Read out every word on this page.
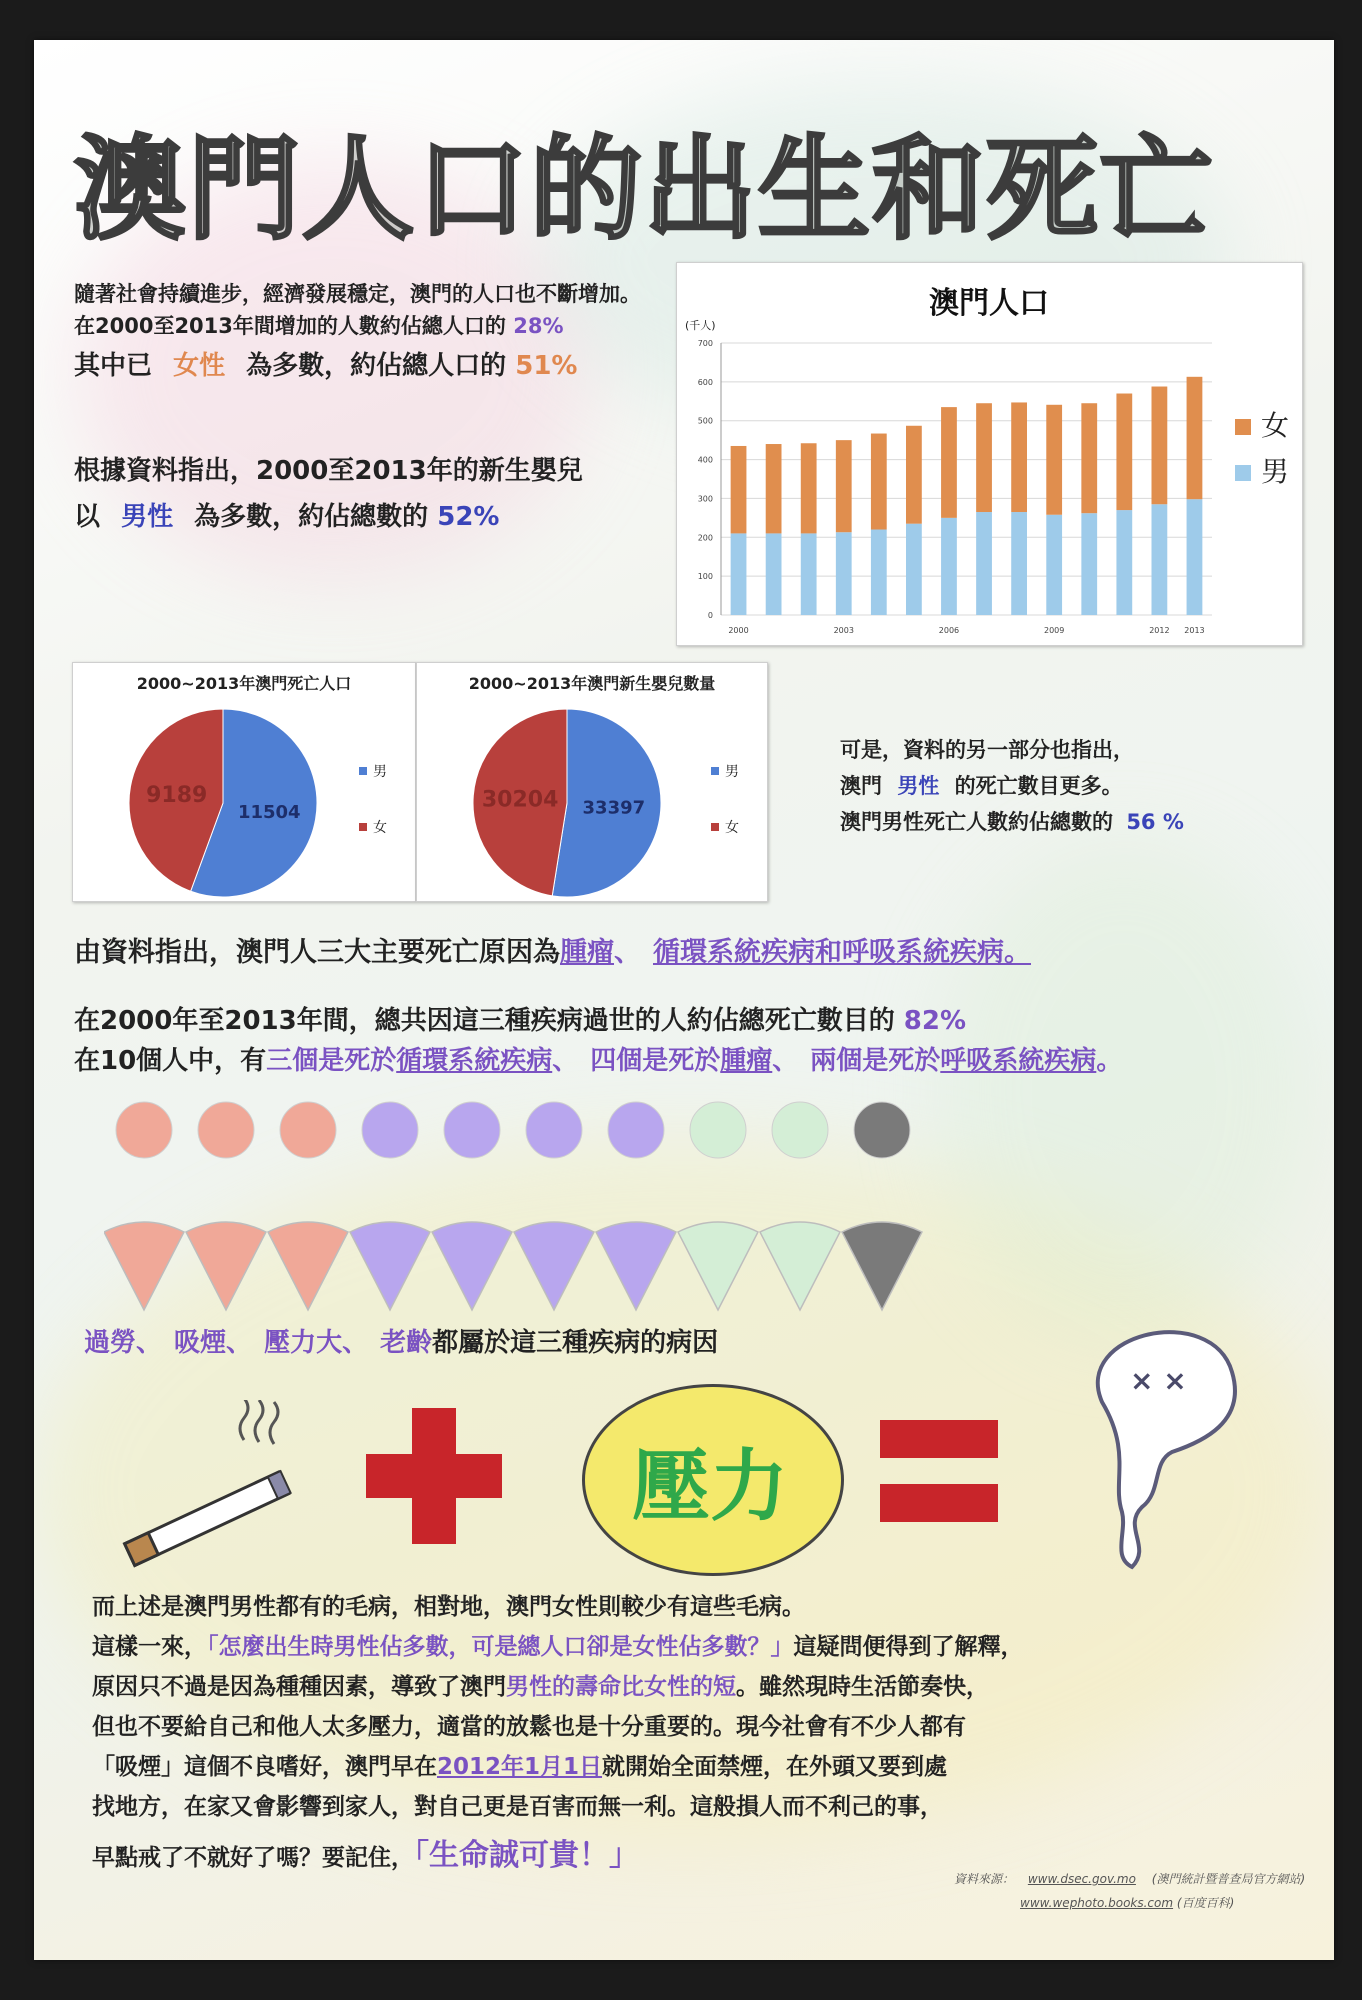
澳門人口的出生和死亡
隨著社會持續進步，經濟發展穩定，澳門的人口也不斷增加。
在2000至2013年間增加的人數約佔總人口的 28%
其中已 女性 為多數，約佔總人口的 51%
根據資料指出，2000至2013年的新生嬰兒
以 男性 為多數，約佔總數的 52%
澳門人口
(千人)
0
100
200
300
400
500
600
700
2000	2003	2006	2009	2012 2013
女
男
2000~2013年澳門死亡人口
11504
9189
男
女
2000~2013年澳門新生嬰兒數量
33397
30204
男
女
可是，資料的另一部分也指出，
澳門 男性 的死亡數目更多。
澳門男性死亡人數約佔總數的 56 %
由資料指出，澳門人三大主要死亡原因為腫瘤、 循環系統疾病和呼吸系統疾病。
在2000年至2013年間，總共因這三種疾病過世的人約佔總死亡數目的 82%
在10個人中，有三個是死於循環系統疾病、 四個是死於腫瘤、 兩個是死於呼吸系統疾病。
過勞、 吸煙、 壓力大、 老齡都屬於這三種疾病的病因
壓力
× ×
而上述是澳門男性都有的毛病，相對地，澳門女性則較少有這些毛病。
這樣一來，「怎麼出生時男性佔多數，可是總人口卻是女性佔多數？」這疑問便得到了解釋，
原因只不過是因為種種因素，導致了澳門男性的壽命比女性的短。雖然現時生活節奏快，
但也不要給自己和他人太多壓力，適當的放鬆也是十分重要的。現今社會有不少人都有
「吸煙」這個不良嗜好，澳門早在2012年1月1日就開始全面禁煙，在外頭又要到處
找地方，在家又會影響到家人，對自己更是百害而無一利。這般損人而不利己的事，
早點戒了不就好了嗎？要記住，「生命誠可貴！」
資料來源： www.dsec.gov.mo (澳門統計暨普查局官方網站)
www.wephoto.books.com (百度百科)
